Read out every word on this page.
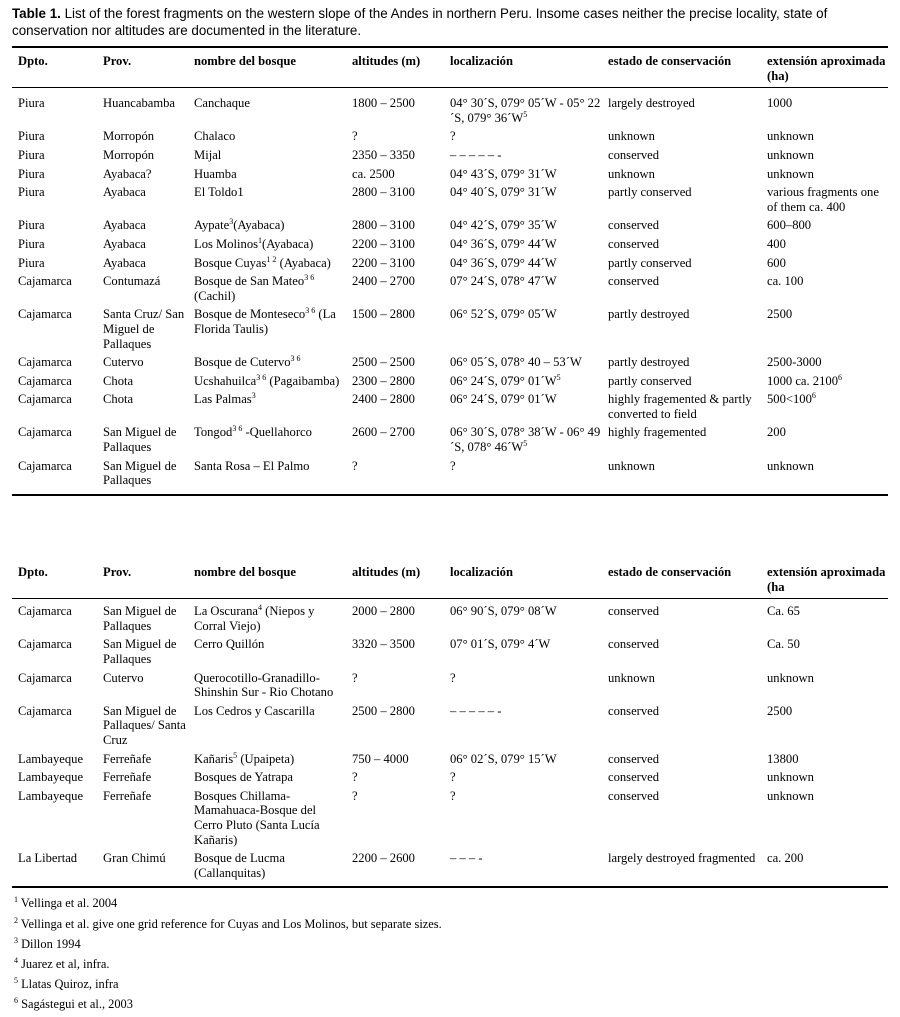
Table 1. List of the forest fragments on the western slope of the Andes in northern Peru. Insome cases neither the precise locality, state of conservation nor altitudes are documented in the literature.
Dpto.	Prov.	nombre del bosque	altitudes (m)	localización	estado de conservación	extensión aproximada (ha)
Piura	Huancabamba	Canchaque	1800 – 2500	04° 30´S, 079° 05´W - 05° 22´S, 079° $36´W^5$	largely destroyed	1000
Piura	Morropón	Chalaco	?	?	unknown	unknown
Piura	Morropón	Mijal	2350 – 3350	– – – – – -	conserved	unknown
Piura	Ayabaca?	Huamba	ca. 2500	04° 43´S, 079° 31´W	unknown	unknown
Piura	Ayabaca	El Toldo1	2800 – 3100	04° 40´S, 079° 31´W	partly conserved	various fragments one of them ca. 400
Piura	Ayabaca	Aypate$^3$(Ayabaca)	2800 – 3100	04° 42´S, 079° 35´W	conserved	600–800
Piura	Ayabaca	Los Molinos$^1$(Ayabaca)	2200 – 3100	04° 36´S, 079° 44´W	conserved	400
Piura	Ayabaca	Bosque Cuyas$^{1 2}$ (Ayabaca)	2200 – 3100	04° 36´S, 079° 44´W	partly conserved	600
Cajamarca	Contumazá	Bosque de San Mateo$^{3 6}$ (Cachil)	2400 – 2700	07° 24´S, 078° 47´W	conserved	ca. 100
Cajamarca	Santa Cruz/ San Miguel de Pallaques	Bosque de Monteseco$^{3 6}$ (La Florida Taulis)	1500 – 2800	06° 52´S, 079° 05´W	partly destroyed	2500
Cajamarca	Cutervo	Bosque de Cutervo$^{3 6}$	2500 – 2500	06° 05´S, 078° 40 – 53´W	partly destroyed	2500-3000
Cajamarca	Chota	Ucshahuilca$^{3 6}$ (Pagaibamba)	2300 – 2800	06° 24´S, 079° $01´W^5$	partly conserved	1000 ca. 2100$^6$
Cajamarca	Chota	Las Palmas$^3$	2400 – 2800	06° 24´S, 079° 01´W	highly fragemented & partly converted to field	$500<100^6$
Cajamarca	San Miguel de Pallaques	Tongod$^{3 6}$ -Quellahorco	2600 – 2700	06° 30´S, 078° 38´W - 06° 49´S, 078° $46´W^5$	highly fragemented	200
Cajamarca	San Miguel de Pallaques	Santa Rosa – El Palmo	?	?	unknown	unknown
Dpto.	Prov.	nombre del bosque	altitudes (m)	localización	estado de conservación	extensión aproximada (ha
Cajamarca	San Miguel de Pallaques	La Oscurana$^4$ (Niepos y Corral Viejo)	2000 – 2800	06° 90´S, 079° 08´W	conserved	Ca. 65
Cajamarca	San Miguel de Pallaques	Cerro Quillón	3320 – 3500	07° 01´S, 079° 4´W	conserved	Ca. 50
Cajamarca	Cutervo	Querocotillo-Granadillo-Shinshin Sur - Rio Chotano	?	?	unknown	unknown
Cajamarca	San Miguel de Pallaques/ Santa Cruz	Los Cedros y Cascarilla	2500 – 2800	– – – – – -	conserved	2500
Lambayeque	Ferreñafe	Kañaris$^5$ (Upaipeta)	750 – 4000	06° 02´S, 079° 15´W	conserved	13800
Lambayeque	Ferreñafe	Bosques de Yatrapa	?	?	conserved	unknown
Lambayeque	Ferreñafe	Bosques Chillama-Mamahuaca-Bosque del Cerro Pluto (Santa Lucía Kañaris)	?	?	conserved	unknown
La Libertad	Gran Chimú	Bosque de Lucma (Callanquitas)	2200 – 2600	– – – -	largely destroyed fragmented	ca. 200
$^1$ Vellinga et al. 2004
$^2$ Vellinga et al. give one grid reference for Cuyas and Los Molinos, but separate sizes.
$^3$ Dillon 1994
$^4$ Juarez et al, infra.
$^5$ Llatas Quiroz, infra
$^6$ Sagástegui et al., 2003
